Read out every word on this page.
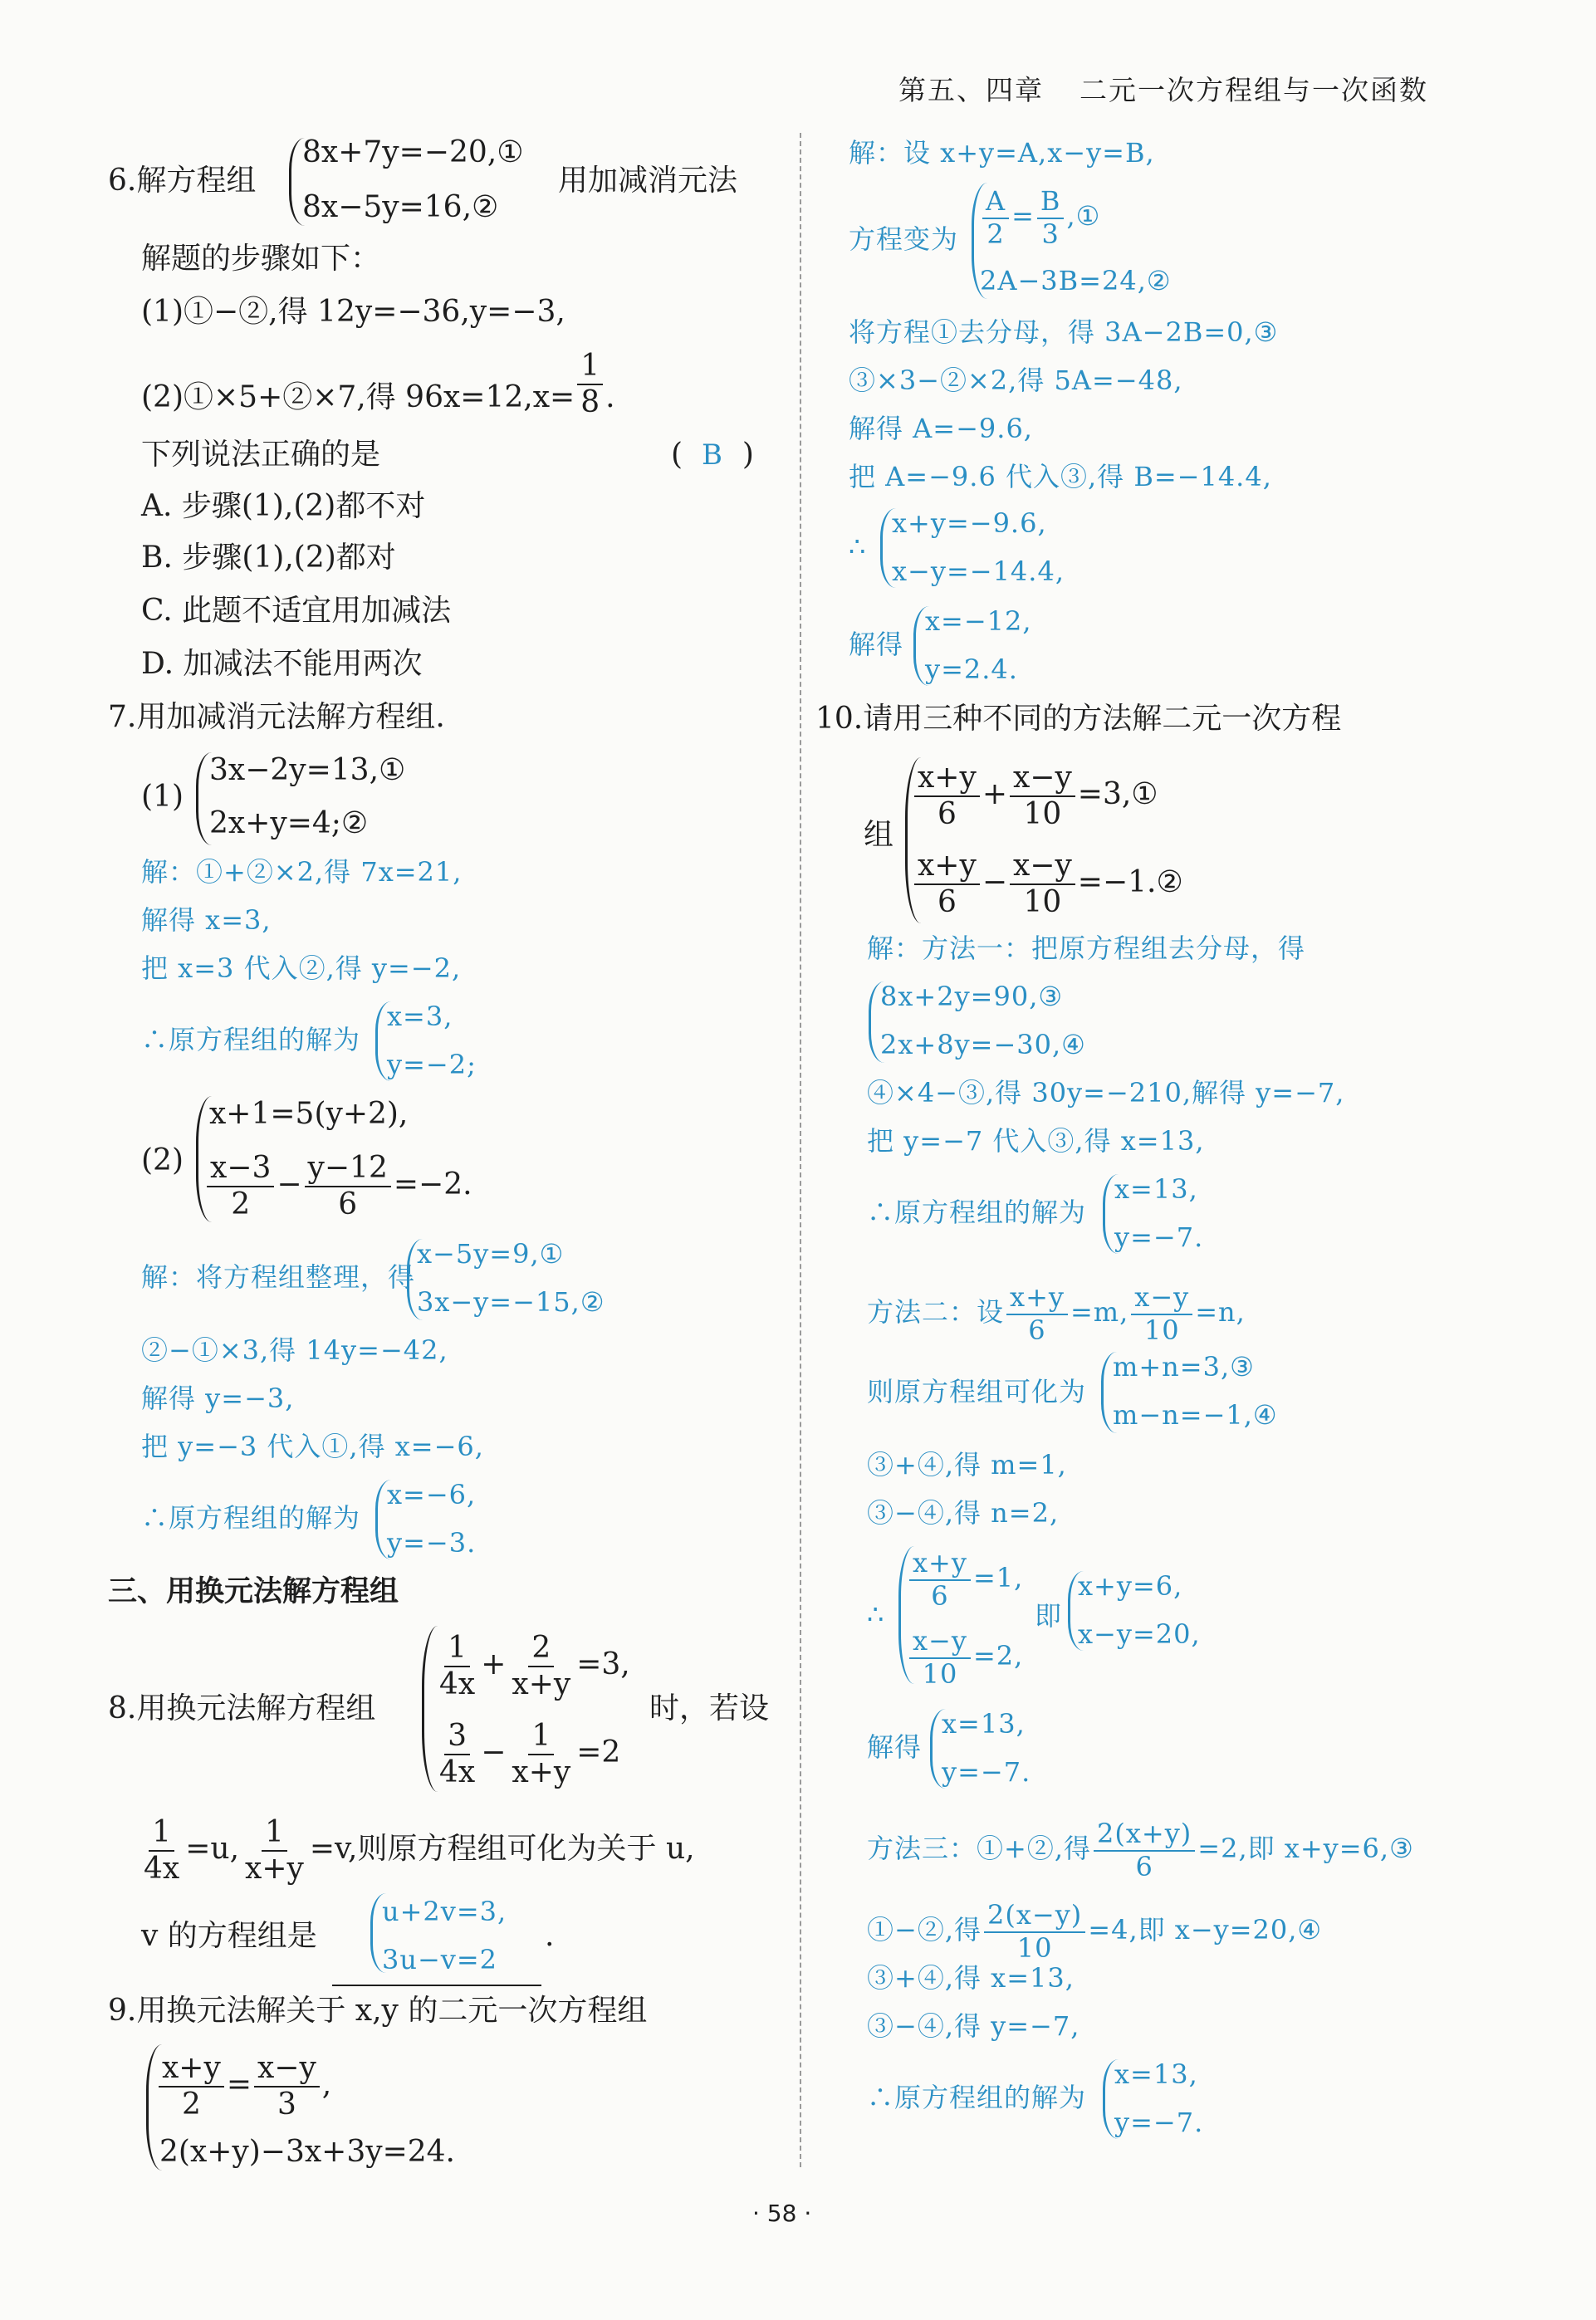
第五、四章 二元一次方程组与一次函数
6.解方程组
8x+7y=−20,①
8x−5y=16,②
用加减消元法
解题的步骤如下：
(1)①−②,得 12y=−36,y=−3,
(2)①×5+②×7,得 $96x=12,x= \frac{1}{8}$ .
下列说法正确的是	(  B  )
A. 步骤(1),(2)都不对
B. 步骤(1),(2)都对
C. 此题不适宜用加减法
D. 加减法不能用两次
7.用加减消元法解方程组.
(1)
3x−2y=13,①
2x+y=4;②
解：①+②×2,得 7x=21,
解得 x=3,
把 x=3 代入②,得 y=−2,
∴原方程组的解为
x=3,
y=−2;
(2)
x+1=5(y+2),
$\frac{x-3}{2} - \frac{y-12}{6} =-2$.
解：将方程组整理，得
x−5y=9,①
3x−y=−15,②
②−①×3,得 14y=−42,
解得 y=−3,
把 y=−3 代入①,得 x=−6,
∴原方程组的解为
x=−6,
y=−3.
三、用换元法解方程组
8.用换元法解方程组
$\frac{1}{4x} + \frac{2}{x+y} =3$,
$\frac{3}{4x} - \frac{1}{x+y} =2$
时，若设
$\frac{1}{4x} =u$, $\frac{1}{x+y} =v$,则原方程组可化为关于 u,
v 的方程组是
u+2v=3,
3u−v=2
.
9.用换元法解关于 x,y 的二元一次方程组
$\frac{x+y}{2} = \frac{x-y}{3}$ ,
2(x+y)−3x+3y=24.
解：设 x+y=A,x−y=B,
方程变为 $\frac{A}{2} = \frac{B}{3}$ ,①
2A−3B=24,②
将方程①去分母，得 3A−2B=0,③
③×3−②×2,得 5A=−48,
解得 A=−9.6,
把 A=−9.6 代入③,得 B=−14.4,
∴
x+y=−9.6,
x−y=−14.4,
解得
x=−12,
y=2.4.
10.请用三种不同的方法解二元一次方程
组
$\frac{x+y}{6} + \frac{x-y}{10}$ =3,①
$\frac{x+y}{6} - \frac{x-y}{10}$ =−1.②
解：方法一：把原方程组去分母，得
8x+2y=90,③
2x+8y=−30,④
④×4−③,得 30y=−210,解得 y=−7,
把 y=−7 代入③,得 x=13,
∴原方程组的解为
x=13,
y=−7.
方法二：设 $\frac{x+y}{6} =m$, $\frac{x-y}{10} =n$,
则原方程组可化为
m+n=3,③
m−n=−1,④
③+④,得 m=1,
③−④,得 n=2,
∴
$\frac{x+y}{6} =1$,
$\frac{x-y}{10} =2$,
即
x+y=6,
x−y=20,
解得
x=13,
y=−7.
方法三：①+②,得 $\frac{2(x+y)}{6} =2$,即 x+y=6,③
①−②,得 $\frac{2(x-y)}{10} =4$,即 x−y=20,④
③+④,得 x=13,
③−④,得 y=−7,
∴原方程组的解为
x=13,
y=−7.
· 58 ·
